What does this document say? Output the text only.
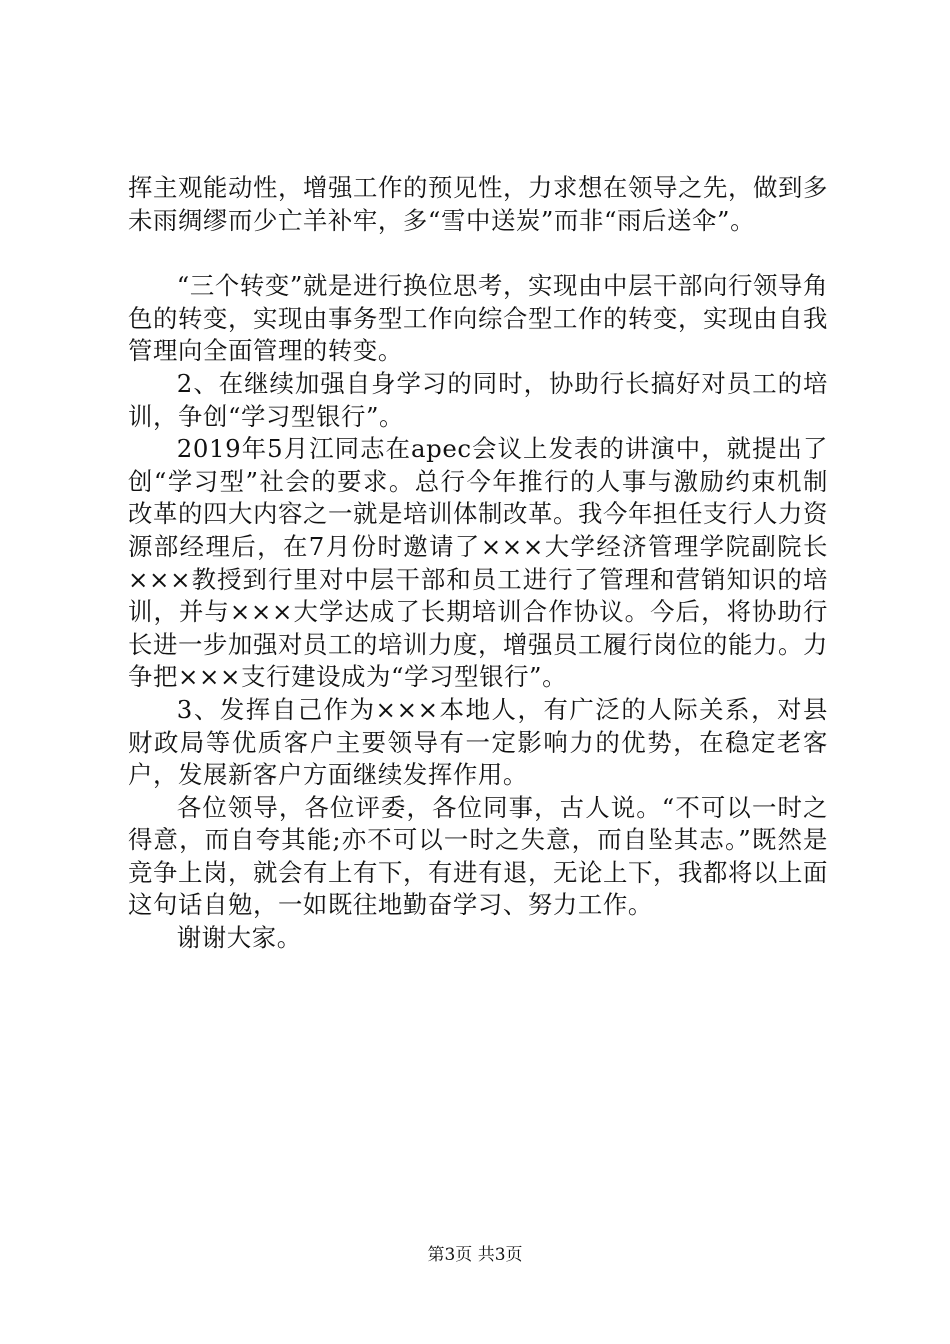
挥主观能动性，增强工作的预见性，力求想在领导之先，做到多未雨绸缪而少亡羊补牢，多“雪中送炭”而非“雨后送伞”。

“三个转变”就是进行换位思考，实现由中层干部向行领导角色的转变，实现由事务型工作向综合型工作的转变，实现由自我管理向全面管理的转变。

2、在继续加强自身学习的同时，协助行长搞好对员工的培训，争创“学习型银行”。

2019年5月江同志在apec会议上发表的讲演中，就提出了创“学习型”社会的要求。总行今年推行的人事与激励约束机制改革的四大内容之一就是培训体制改革。我今年担任支行人力资源部经理后，在7月份时邀请了×××大学经济管理学院副院长×××教授到行里对中层干部和员工进行了管理和营销知识的培训，并与×××大学达成了长期培训合作协议。今后，将协助行长进一步加强对员工的培训力度，增强员工履行岗位的能力。力争把×××支行建设成为“学习型银行”。

3、发挥自己作为×××本地人，有广泛的人际关系，对县财政局等优质客户主要领导有一定影响力的优势，在稳定老客户，发展新客户方面继续发挥作用。

各位领导，各位评委，各位同事，古人说。“不可以一时之得意，而自夸其能;亦不可以一时之失意，而自坠其志。”既然是竞争上岗，就会有上有下，有进有退，无论上下，我都将以上面这句话自勉，一如既往地勤奋学习、努力工作。

谢谢大家。

第3页 共3页
